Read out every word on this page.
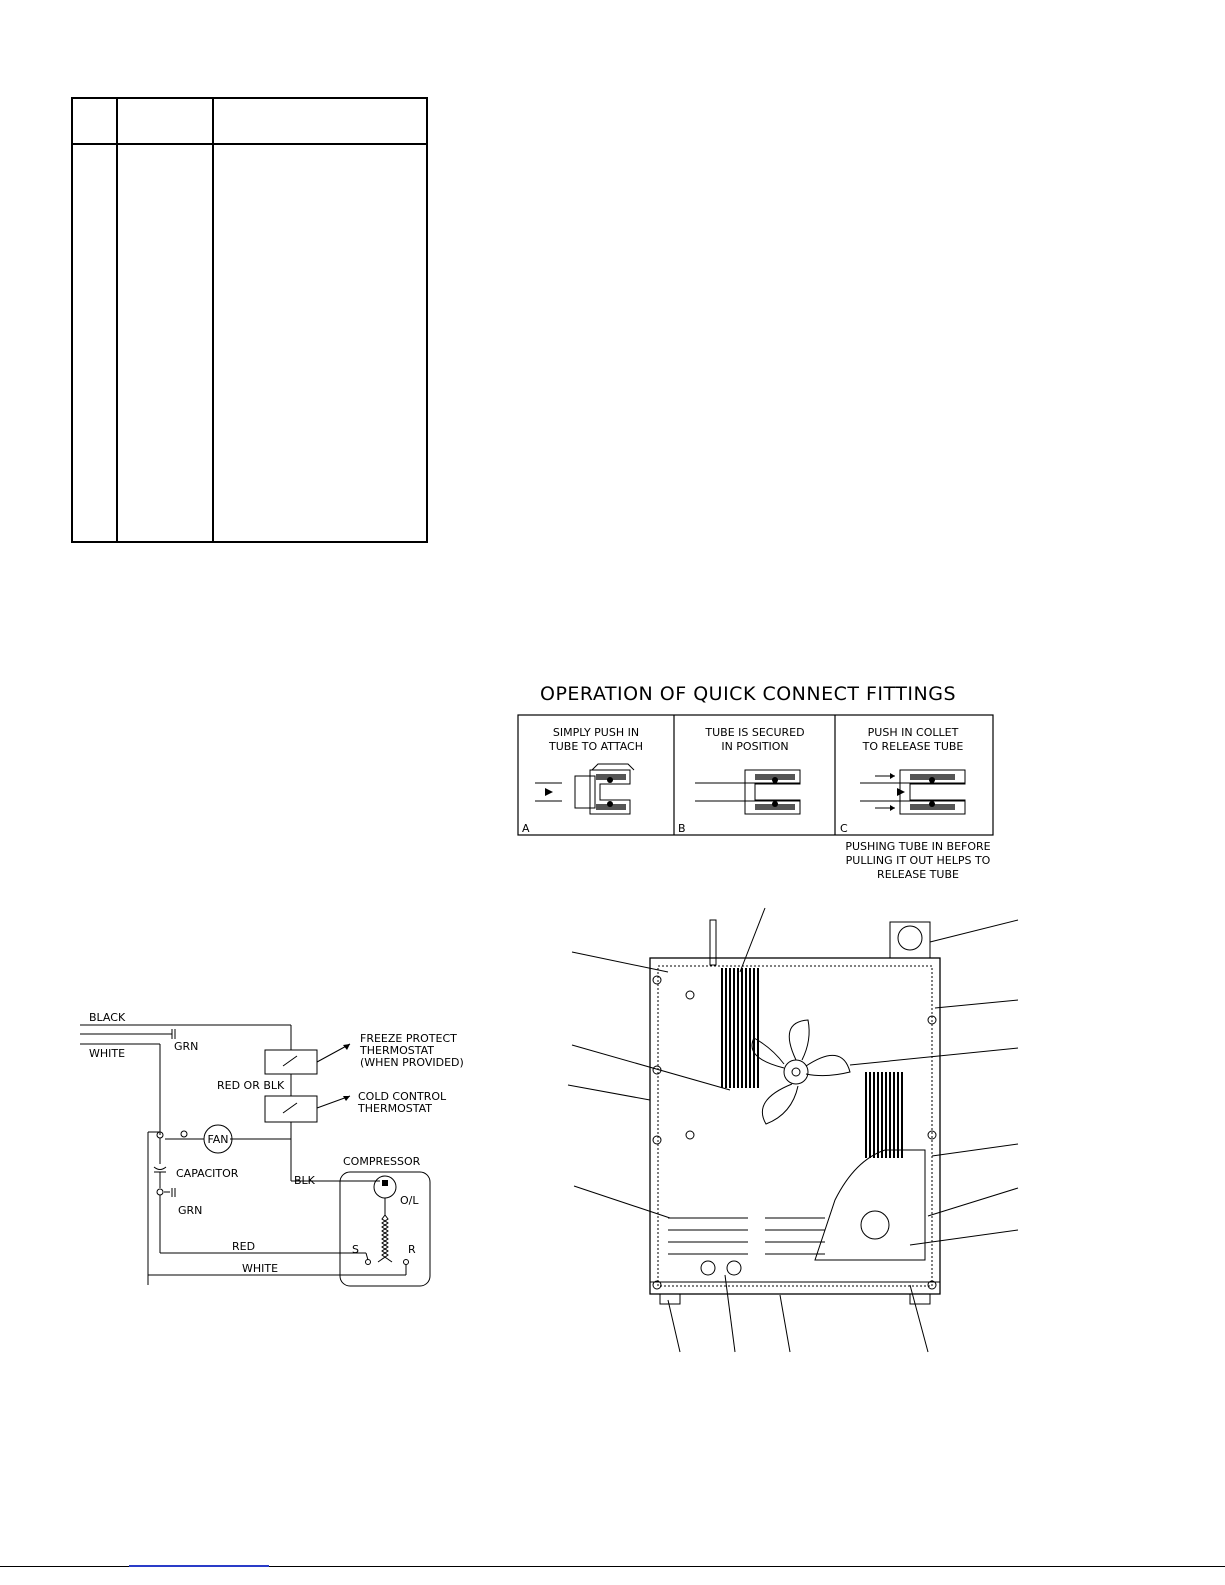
OPERATION OF QUICK CONNECT FITTINGS
SIMPLY PUSH IN
TUBE TO ATTACH
A
TUBE IS SECURED
IN POSITION
B
PUSH IN COLLET
TO RELEASE TUBE
C
PUSHING TUBE IN BEFORE
PULLING IT OUT HELPS TO
RELEASE TUBE
BLACK
GRN
WHITE
FREEZE PROTECT
THERMOSTAT
(WHEN PROVIDED)
RED OR BLK
COLD CONTROL
THERMOSTAT
FAN
CAPACITOR
GRN
BLK
COMPRESSOR
O/L
S	R
RED
WHITE
